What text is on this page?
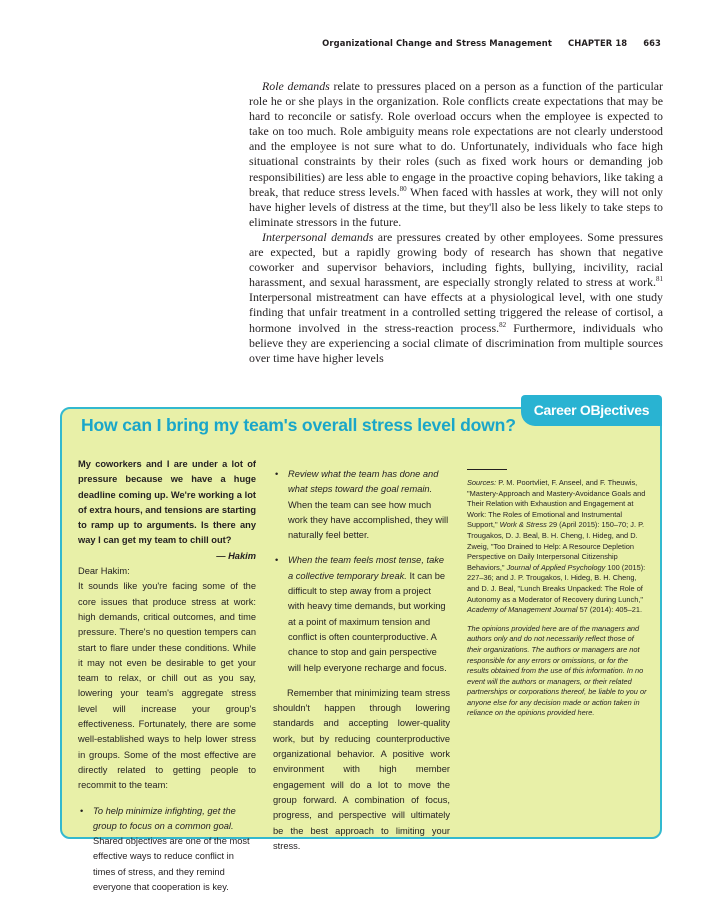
Organizational Change and Stress Management CHAPTER 18 663

Role demands relate to pressures placed on a person as a function of the particular role he or she plays in the organization. Role conflicts create expectations that may be hard to reconcile or satisfy. Role overload occurs when the employee is expected to take on too much. Role ambiguity means role expectations are not clearly understood and the employee is not sure what to do. Unfortunately, individuals who face high situational constraints by their roles (such as fixed work hours or demanding job responsibilities) are less able to engage in the proactive coping behaviors, like taking a break, that reduce stress levels.$^{80}$ When faced with hassles at work, they will not only have higher levels of distress at the time, but they'll also be less likely to take steps to eliminate stressors in the future.

Interpersonal demands are pressures created by other employees. Some pressures are expected, but a rapidly growing body of research has shown that negative coworker and supervisor behaviors, including fights, bullying, incivility, racial harassment, and sexual harassment, are especially strongly related to stress at work.$^{81}$ Interpersonal mistreatment can have effects at a physiological level, with one study finding that unfair treatment in a controlled setting triggered the release of cortisol, a hormone involved in the stress-reaction process.$^{82}$ Furthermore, individuals who believe they are experiencing a social climate of discrimination from multiple sources over time have higher levels

Career OBjectives
How can I bring my team's overall stress level down?

My coworkers and I are under a lot of pressure because we have a huge deadline coming up. We're working a lot of extra hours, and tensions are starting to ramp up to arguments. Is there any way I can get my team to chill out?

— Hakim

Dear Hakim:

It sounds like you're facing some of the core issues that produce stress at work: high demands, critical outcomes, and time pressure. There's no question tempers can start to flare under these conditions. While it may not even be desirable to get your team to relax, or chill out as you say, lowering your team's aggregate stress level will increase your group's effectiveness. Fortunately, there are some well-established ways to help lower stress in groups. Some of the most effective are directly related to getting people to recommit to the team:

• To help minimize infighting, get the group to focus on a common goal. Shared objectives are one of the most effective ways to reduce conflict in times of stress, and they remind everyone that cooperation is key.
• Review what the team has done and what steps toward the goal remain. When the team can see how much work they have accomplished, they will naturally feel better.
• When the team feels most tense, take a collective temporary break. It can be difficult to step away from a project with heavy time demands, but working at a point of maximum tension and conflict is often counterproductive. A chance to stop and gain perspective will help everyone recharge and focus.

Remember that minimizing team stress shouldn't happen through lowering standards and accepting lower-quality work, but by reducing counterproductive organizational behavior. A positive work environment with high member engagement will do a lot to move the group forward. A combination of focus, progress, and perspective will ultimately be the best approach to limiting your stress.

Sources: P. M. Poortvliet, F. Anseel, and F. Theuwis, "Mastery-Approach and Mastery-Avoidance Goals and Their Relation with Exhaustion and Engagement at Work: The Roles of Emotional and Instrumental Support," Work & Stress 29 (April 2015): 150–70; J. P. Trougakos, D. J. Beal, B. H. Cheng, I. Hideg, and D. Zweig, "Too Drained to Help: A Resource Depletion Perspective on Daily Interpersonal Citizenship Behaviors," Journal of Applied Psychology 100 (2015): 227–36; and J. P. Trougakos, I. Hideg, B. H. Cheng, and D. J. Beal, "Lunch Breaks Unpacked: The Role of Autonomy as a Moderator of Recovery during Lunch," Academy of Management Journal 57 (2014): 405–21.

The opinions provided here are of the managers and authors only and do not necessarily reflect those of their organizations. The authors or managers are not responsible for any errors or omissions, or for the results obtained from the use of this information. In no event will the authors or managers, or their related partnerships or corporations thereof, be liable to you or anyone else for any decision made or action taken in reliance on the opinions provided here.
